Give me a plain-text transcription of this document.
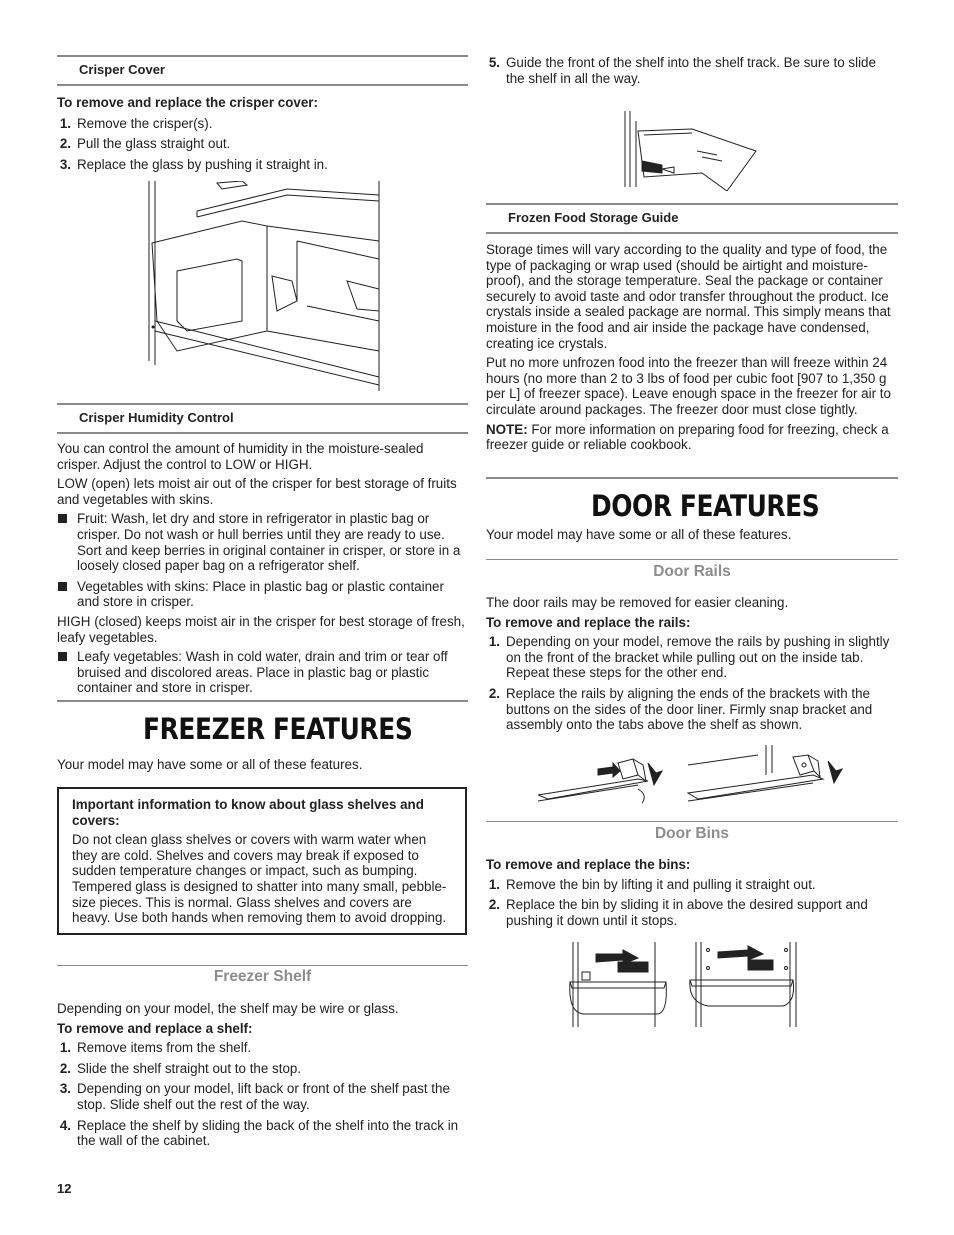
Crisper Cover

To remove and replace the crisper cover:

1. Remove the crisper(s).
2. Pull the glass straight out.
3. Replace the glass by pushing it straight in.
Crisper Humidity Control

You can control the amount of humidity in the moisture-sealed crisper. Adjust the control to LOW or HIGH.

LOW (open) lets moist air out of the crisper for best storage of fruits and vegetables with skins.

Fruit: Wash, let dry and store in refrigerator in plastic bag or crisper. Do not wash or hull berries until they are ready to use. Sort and keep berries in original container in crisper, or store in a loosely closed paper bag on a refrigerator shelf.
Vegetables with skins: Place in plastic bag or plastic container and store in crisper.

HIGH (closed) keeps moist air in the crisper for best storage of fresh, leafy vegetables.

Leafy vegetables: Wash in cold water, drain and trim or tear off bruised and discolored areas. Place in plastic bag or plastic container and store in crisper.
FREEZER FEATURES

Your model may have some or all of these features.

Important information to know about glass shelves and covers:

Do not clean glass shelves or covers with warm water when they are cold. Shelves and covers may break if exposed to sudden temperature changes or impact, such as bumping. Tempered glass is designed to shatter into many small, pebble-size pieces. This is normal. Glass shelves and covers are heavy. Use both hands when removing them to avoid dropping.

Freezer Shelf

Depending on your model, the shelf may be wire or glass.

To remove and replace a shelf:

1. Remove items from the shelf.
2. Slide the shelf straight out to the stop.
3. Depending on your model, lift back or front of the shelf past the stop. Slide shelf out the rest of the way.
4. Replace the shelf by sliding the back of the shelf into the track in the wall of the cabinet.
5. Guide the front of the shelf into the shelf track. Be sure to slide the shelf in all the way.
Frozen Food Storage Guide

Storage times will vary according to the quality and type of food, the type of packaging or wrap used (should be airtight and moisture-proof), and the storage temperature. Seal the package or container securely to avoid taste and odor transfer throughout the product. Ice crystals inside a sealed package are normal. This simply means that moisture in the food and air inside the package have condensed, creating ice crystals.

Put no more unfrozen food into the freezer than will freeze within 24 hours (no more than 2 to 3 lbs of food per cubic foot [907 to 1,350 g per L] of freezer space). Leave enough space in the freezer for air to circulate around packages. The freezer door must close tightly.

NOTE: For more information on preparing food for freezing, check a freezer guide or reliable cookbook.

DOOR FEATURES

Your model may have some or all of these features.

Door Rails

The door rails may be removed for easier cleaning.

To remove and replace the rails:

1. Depending on your model, remove the rails by pushing in slightly on the front of the bracket while pulling out on the inside tab. Repeat these steps for the other end.
2. Replace the rails by aligning the ends of the brackets with the buttons on the sides of the door liner. Firmly snap bracket and assembly onto the tabs above the shelf as shown.
Door Bins

To remove and replace the bins:

1. Remove the bin by lifting it and pulling it straight out.
2. Replace the bin by sliding it in above the desired support and pushing it down until it stops.
12
